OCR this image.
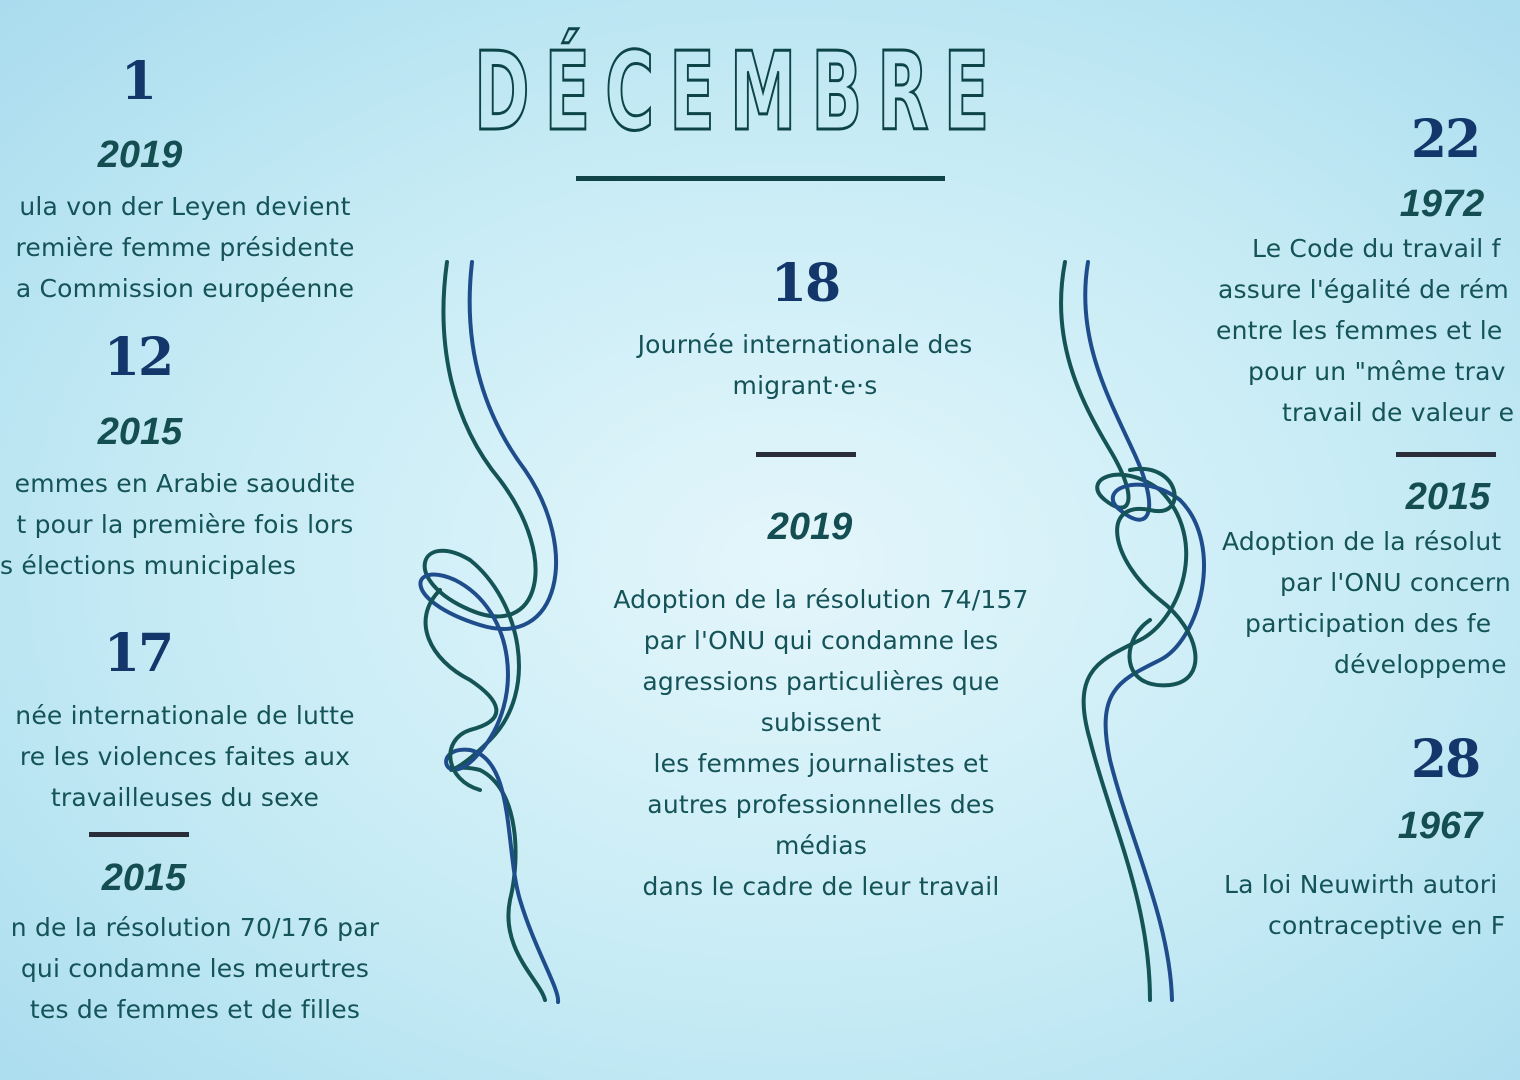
DÉCEMBRE
1
2019
ula von der Leyen devient
remière femme présidente
a Commission européenne
12
2015
emmes en Arabie saoudite
t pour la première fois lors
s élections municipales
17
née internationale de lutte
re les violences faites aux
travailleuses du sexe
2015
n de la résolution 70/176 par
qui condamne les meurtres
tes de femmes et de filles
18
Journée internationale des
migrant·e·s
2019
Adoption de la résolution 74/157
par l'ONU qui condamne les
agressions particulières que
subissent
les femmes journalistes et
autres professionnelles des
médias
dans le cadre de leur travail
22
1972
Le Code du travail f
assure l'égalité de rém
entre les femmes et le
pour un "même trav
travail de valeur e
2015
Adoption de la résolut
par l'ONU concern
participation des fe
développeme
28
1967
La loi Neuwirth autori
contraceptive en F
